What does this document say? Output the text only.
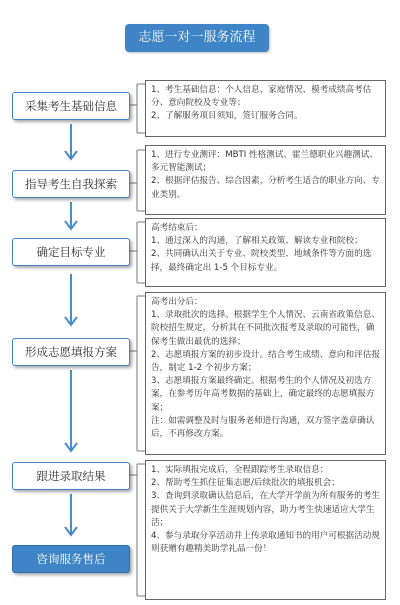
志愿一对一服务流程
采集考生基础信息
指导考生自我探索
确定目标专业
形成志愿填报方案
跟进录取结果
咨询服务售后

1、考生基础信息：个人信息、家庭情况、模考成绩高考估分、意向院校及专业等；

2、了解服务项目须知，签订服务合同。

1、进行专业测评：MBTI 性格测试、霍兰德职业兴趣测试、多元智能测试；

2、根据评估报告、综合因素，分析考生适合的职业方向、专业类别。

高考结束后：

1、通过深入的沟通，了解相关政策、解读专业和院校；

2、共同确认出关于专业、院校类型、地域条件等方面的选择，最终确定出 1-5 个目标专业。

高考出分后：

1、录取批次的选择。根据学生个人情况、云南省政策信息、院校招生规定，分析其在不同批次报考及录取的可能性，确保考生做出最优的选择；

2、志愿填报方案的初步设计。结合考生成绩、意向和评估报告，制定 1-2 个初步方案；

3、志愿填报方案最终确定。根据考生的个人情况及初选方案，在参考历年高考数据的基础上，确定最终的志愿填报方案；

注：如需调整及时与服务老师进行沟通，双方签字盖章确认后，不再修改方案。

1、实际填报完成后，全程跟踪考生录取信息；

2、帮助考生抓住征集志愿/后续批次的填报机会；

3、查询到录取确认信息后，在大学开学前为所有服务的考生提供关于大学新生生涯规划内容，助力考生快速适应大学生活；

4、参与录取分享活动并上传录取通知书的用户可根据活动规则获赠有趣精美助学礼品一份！
